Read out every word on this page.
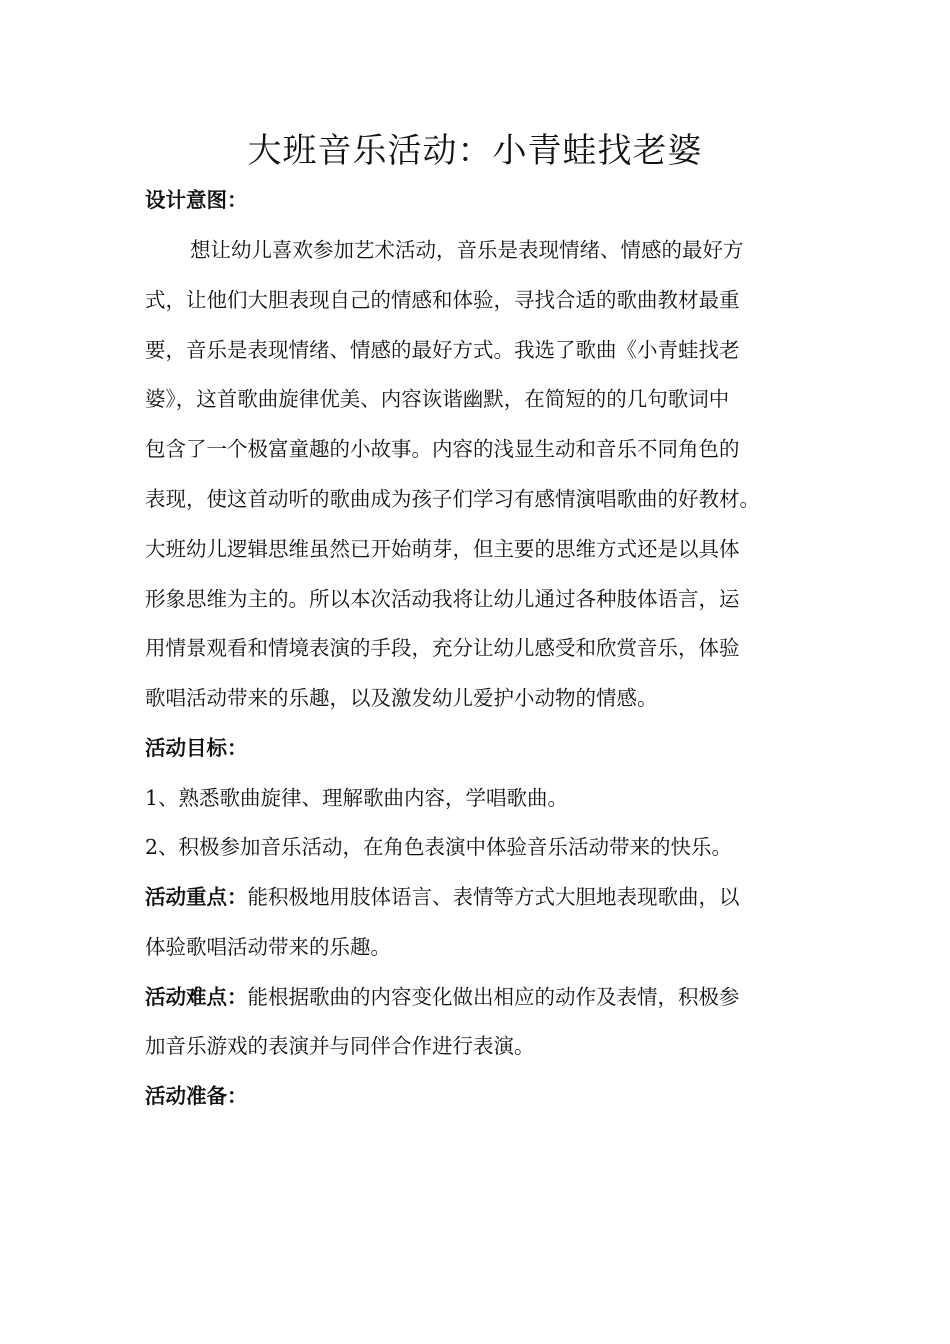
大班音乐活动：小青蛙找老婆

设计意图：

想让幼儿喜欢参加艺术活动，音乐是表现情绪、情感的最好方

式，让他们大胆表现自己的情感和体验，寻找合适的歌曲教材最重

要，音乐是表现情绪、情感的最好方式。我选了歌曲《小青蛙找老

婆》，这首歌曲旋律优美、内容诙谐幽默，在简短的的几句歌词中

包含了一个极富童趣的小故事。内容的浅显生动和音乐不同角色的

表现，使这首动听的歌曲成为孩子们学习有感情演唱歌曲的好教材。

大班幼儿逻辑思维虽然已开始萌芽，但主要的思维方式还是以具体

形象思维为主的。所以本次活动我将让幼儿通过各种肢体语言，运

用情景观看和情境表演的手段，充分让幼儿感受和欣赏音乐，体验

歌唱活动带来的乐趣，以及激发幼儿爱护小动物的情感。

活动目标：

1、熟悉歌曲旋律、理解歌曲内容，学唱歌曲。

2、积极参加音乐活动，在角色表演中体验音乐活动带来的快乐。

活动重点：能积极地用肢体语言、表情等方式大胆地表现歌曲，以

体验歌唱活动带来的乐趣。

活动难点：能根据歌曲的内容变化做出相应的动作及表情，积极参

加音乐游戏的表演并与同伴合作进行表演。

活动准备：
